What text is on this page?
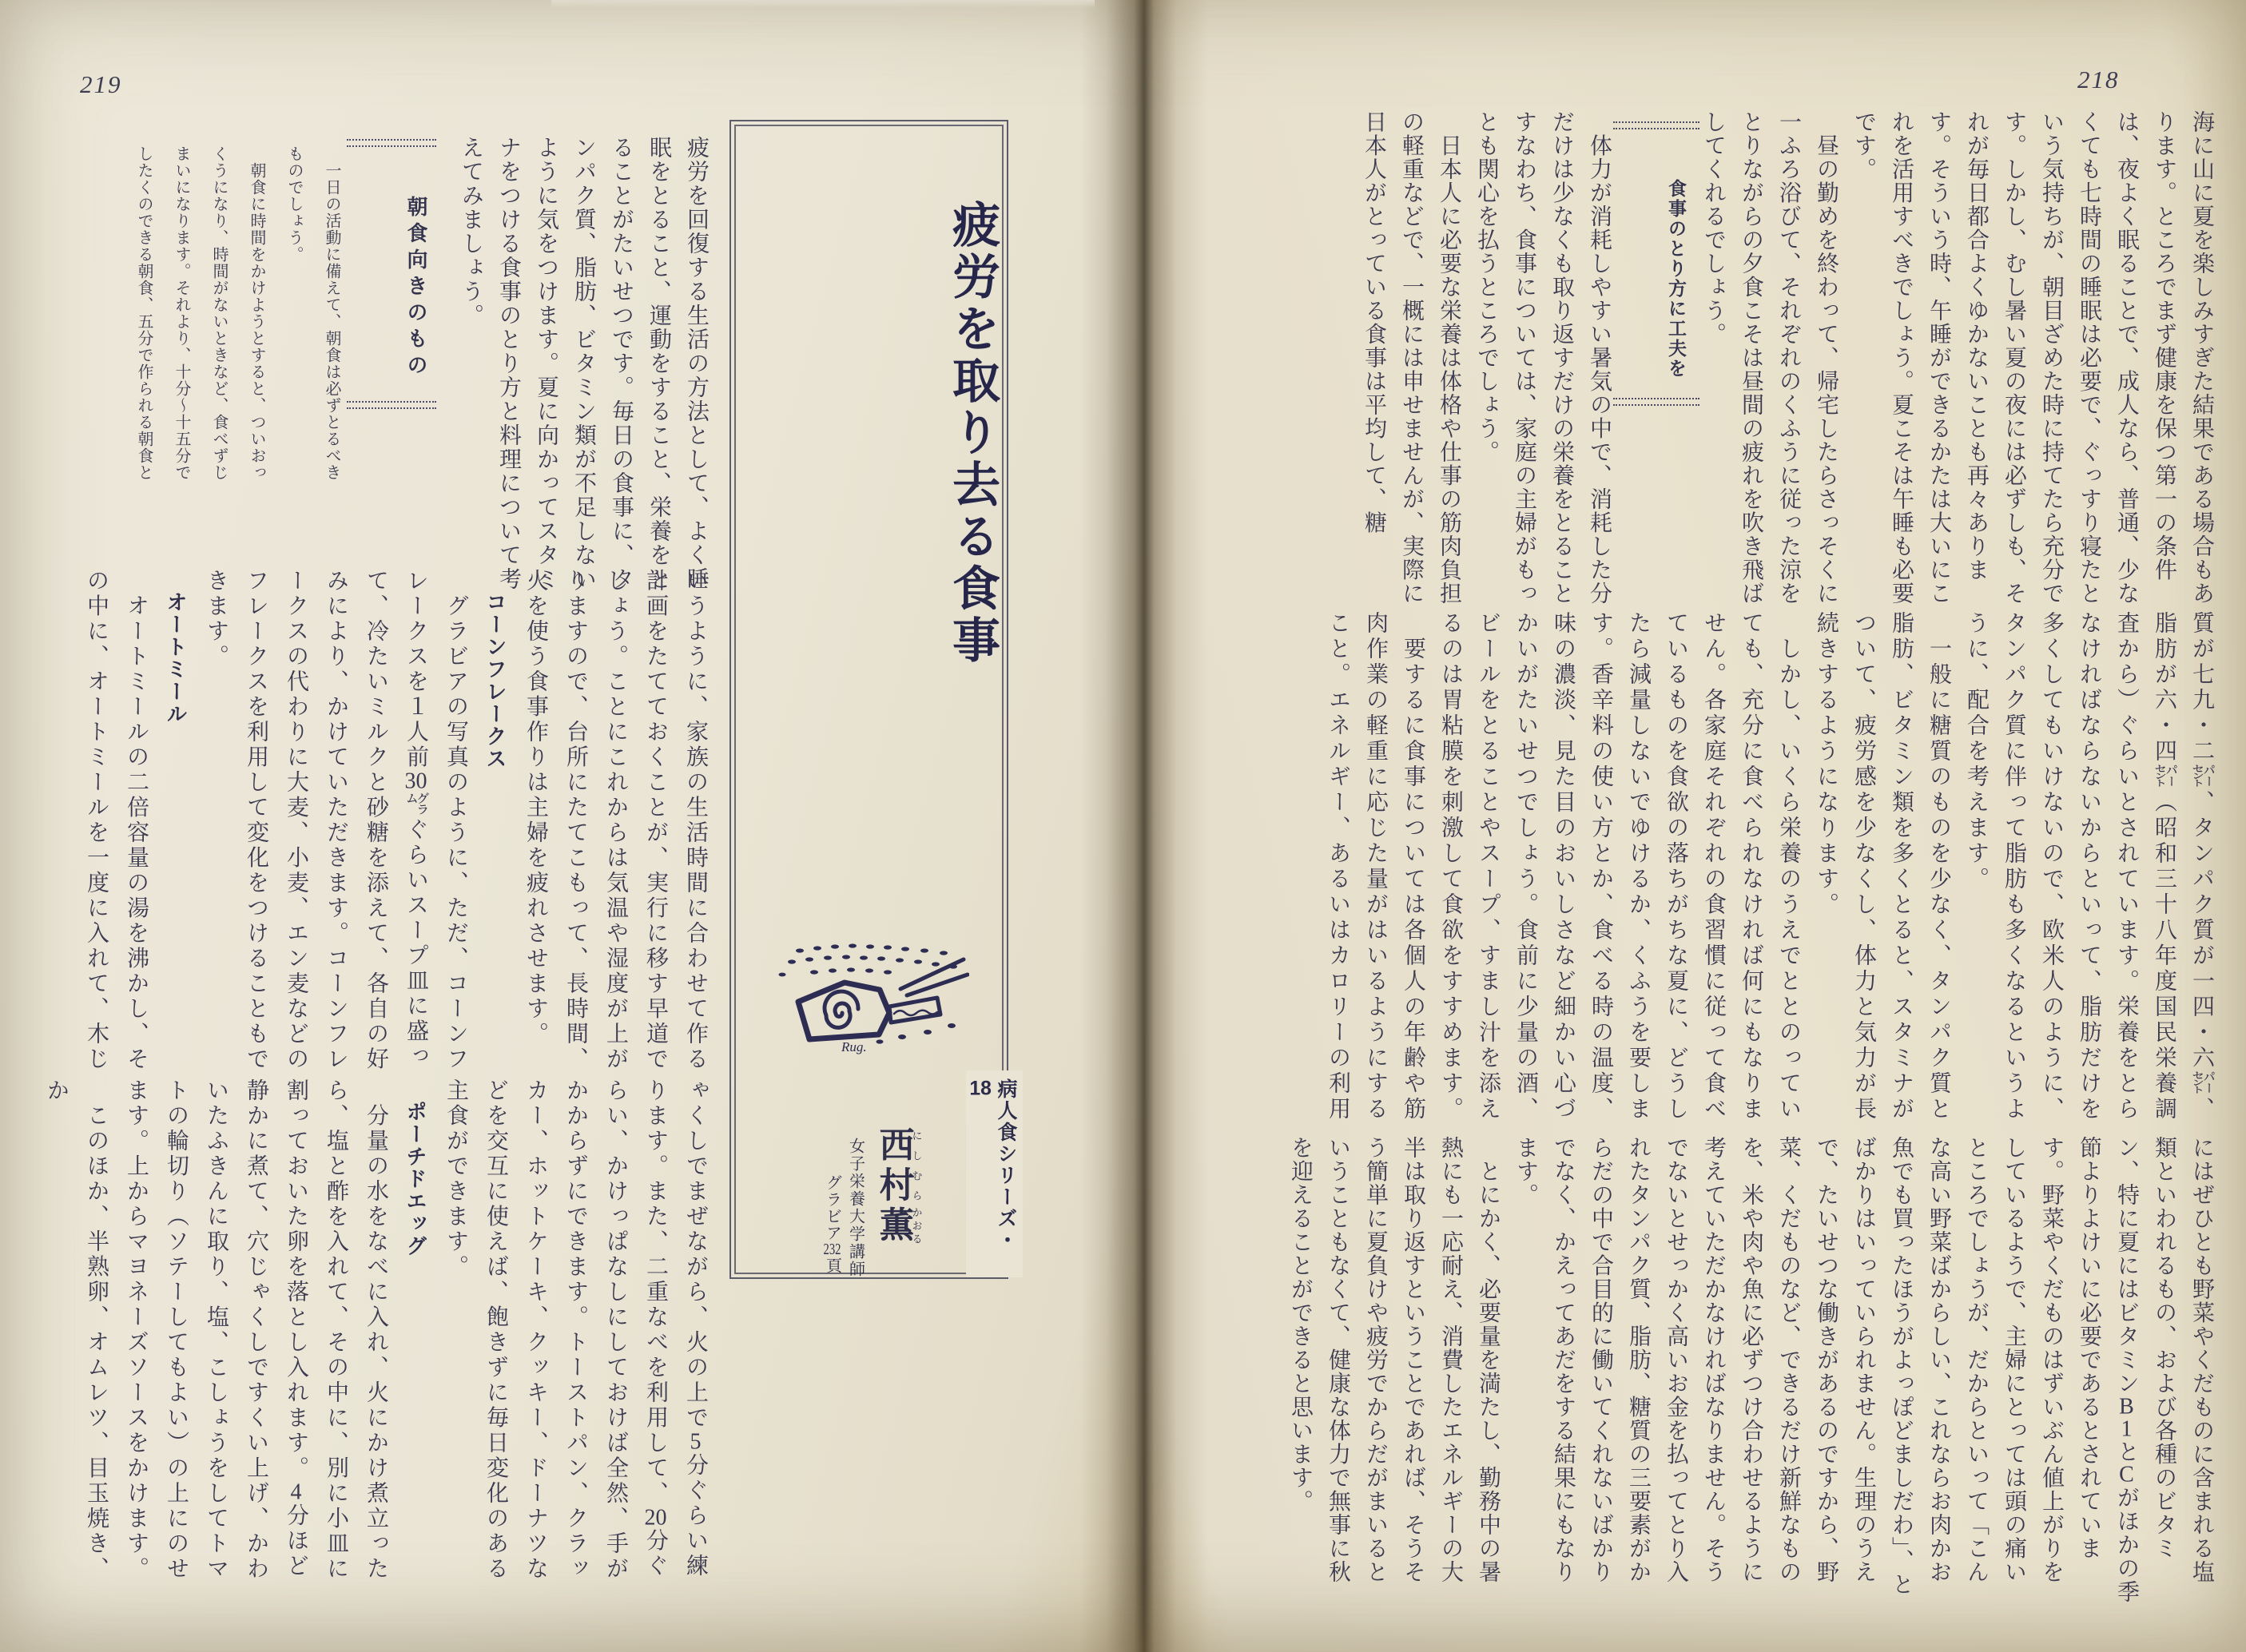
219

疲労を回復する生活の方法として、よく睡眠をとること、運動をすること、栄養をとることがたいせつです。毎日の食事に、タンパク質、脂肪、ビタミン類が不足しないように気をつけます。夏に向かってスタミナをつける食事のとり方と料理について考えてみましょう。

朝食向きのもの

　一日の活動に備えて、朝食は必ずとるべきものでしょう。

　朝食に時間をかけようとすると、ついおっくうになり、時間がないときなど、食べずじまいになります。それより、十分〜十五分でしたくのできる朝食、五分で作られる朝食と

いうように、家族の生活時間に合わせて作る計画をたてておくことが、実行に移す早道でしょう。ことにこれからは気温や湿度が上がりますので、台所にたてこもって、長時間、火を使う食事作りは主婦を疲れさせます。

コーンフレークス

　グラビアの写真のように、ただ、コーンフレークスを１人前30㌘ぐらいスープ皿に盛って、冷たいミルクと砂糖を添えて、各自の好みにより、かけていただきます。コーンフレークスの代わりに大麦、小麦、エン麦などのフレークスを利用して変化をつけることもできます。

オートミール

　オートミールの二倍容量の湯を沸かし、その中に、オートミールを一度に入れて、木じ

ゃくしでまぜながら、火の上で5分ぐらい練ります。また、二重なべを利用して、20分ぐらい、かけっぱなしにしておけば全然、手がかからずにできます。トーストパン、クラッカー、ホットケーキ、クッキー、ドーナツなどを交互に使えば、飽きずに毎日変化のある主食ができます。

ポーチドエッグ

　分量の水をなべに入れ、火にかけ煮立ったら、塩と酢を入れて、その中に、別に小皿に割っておいた卵を落とし入れます。4分ほど静かに煮て、穴じゃくしですくい上げ、かわいたふきんに取り、塩、こしょうをしてトマトの輪切り（ソテーしてもよい）の上にのせます。上からマヨネーズソースをかけます。

　このほか、半熟卵、オムレツ、目玉焼き、か

疲労を取り去る食事
Rug.
病人食シリーズ・18
西村にしむら薫かおる
女子栄養大学講師
グラビア232頁
218

海に山に夏を楽しみすぎた結果である場合もあります。ところでまず健康を保つ第一の条件は、夜よく眠ることで、成人なら、普通、少なくても七時間の睡眠は必要で、ぐっすり寝たという気持ちが、朝目ざめた時に持てたら充分です。しかし、むし暑い夏の夜には必ずしも、それが毎日都合よくゆかないことも再々あります。そういう時、午睡ができるかたは大いにこれを活用すべきでしょう。夏こそは午睡も必要です。

　昼の勤めを終わって、帰宅したらさっそくに一ふろ浴びて、それぞれのくふうに従った涼をとりながらの夕食こそは昼間の疲れを吹き飛ばしてくれるでしょう。

食事のとり方に工夫を

　体力が消耗しやすい暑気の中で、消耗した分だけは少なくも取り返すだけの栄養をとることすなわち、食事については、家庭の主婦がもっとも関心を払うところでしょう。

　日本人に必要な栄養は体格や仕事の筋肉負担の軽重などで、一概には申せませんが、実際に日本人がとっている食事は平均して、糖

質が七九・二㌫、タンパク質が一四・六㌫、脂肪が六・四㌫（昭和三十八年度国民栄養調査から）ぐらいとされています。栄養をとらなければならないからといって、脂肪だけを多くしてもいけないので、欧米人のように、タンパク質に伴って脂肪も多くなるというように、配合を考えます。

　一般に糖質のものを少なく、タンパク質と脂肪、ビタミン類を多くとると、スタミナがついて、疲労感を少なくし、体力と気力が長続きするようになります。

　しかし、いくら栄養のうえでととのっていても、充分に食べられなければ何にもなりません。各家庭それぞれの食習慣に従って食べているものを食欲の落ちがちな夏に、どうしたら減量しないでゆけるか、くふうを要します。香辛料の使い方とか、食べる時の温度、味の濃淡、見た目のおいしさなど細かい心づかいがたいせつでしょう。食前に少量の酒、ビールをとることやスープ、すまし汁を添えるのは胃粘膜を刺激して食欲をすすめます。

　要するに食事については各個人の年齢や筋肉作業の軽重に応じた量がはいるようにすること。エネルギー、あるいはカロリーの利用

にはぜひとも野菜やくだものに含まれる塩類といわれるもの、および各種のビタミン、特に夏にはビタミンB1とCがほかの季節よりよけいに必要であるとされています。野菜やくだものはずいぶん値上がりをしているようで、主婦にとっては頭の痛いところでしょうが、だからといって「こんな高い野菜ばからしい、これならお肉かお魚でも買ったほうがよっぽどましだわ」、とばかりはいっていられません。生理のうえで、たいせつな働きがあるのですから、野菜、くだものなど、できるだけ新鮮なものを、米や肉や魚に必ずつけ合わせるように考えていただかなければなりません。そうでないとせっかく高いお金を払ってとり入れたタンパク質、脂肪、糖質の三要素がからだの中で合目的に働いてくれないばかりでなく、かえってあだをする結果にもなります。

　とにかく、必要量を満たし、勤務中の暑熱にも一応耐え、消費したエネルギーの大半は取り返すということであれば、そうそう簡単に夏負けや疲労でからだがまいるということもなくて、健康な体力で無事に秋を迎えることができると思います。
